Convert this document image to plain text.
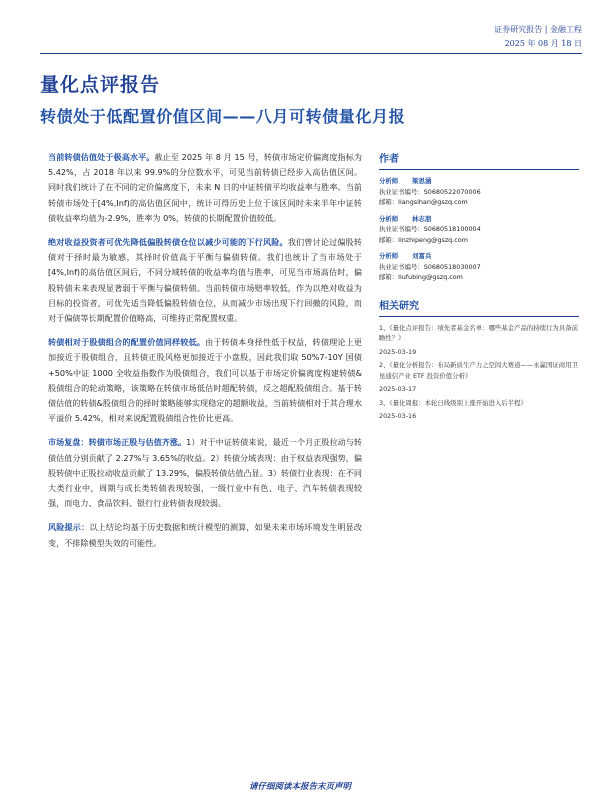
证券研究报告 | 金融工程
2025 年 08 月 18 日
量化点评报告
转债处于低配置价值区间——八月可转债量化月报

当前转债估值处于极高水平。截止至 2025 年 8 月 15 号，转债市场定价偏离度指标为 5.42%，占 2018 年以来 99.9%的分位数水平，可见当前转债已经步入高估值区间。同时我们统计了在不同的定价偏离度下，未来 N 日的中证转债平均收益率与胜率。当前转债市场处于[4%,Inf)的高估值区间中，统计可得历史上位于该区间时未来半年中证转债收益率均值为-2.9%，胜率为 0%，转债的长期配置价值较低。

绝对收益投资者可优先降低偏股转债仓位以减少可能的下行风险。我们曾讨论过偏股转债对于择时最为敏感，其择时价值高于平衡与偏债转债。我们也统计了当市场处于[4%,Inf)的高估值区间后，不同分域转债的收益率均值与胜率，可见当市场高估时，偏股转债未来表现显著弱于平衡与偏债转债。当前转债市场赔率较低，作为以绝对收益为目标的投资者，可优先适当降低偏股转债仓位，从而减少市场出现下行回撤的风险，而对于偏债等长期配置价值略高，可维持正常配置权重。

转债相对于股债组合的配置价值同样较低。由于转债本身择性低于权益，转债理论上更加接近于股债组合，且转债正股风格更加接近于小盘股，因此我们取 50%7-10Y 国债+50%中证 1000 全收益指数作为股债组合，我们可以基于市场定价偏离度构建转债&股债组合的轮动策略，该策略在转债市场低估时超配转债，反之超配股债组合。基于转债估值的转债&股债组合的择时策略能够实现稳定的超额收益，当前转债相对于其合理水平溢价 5.42%，相对来说配置股债组合性价比更高。

市场复盘：转债市场正股与估值齐涨。1）对于中证转债来说，最近一个月正股拉动与转债估值分别贡献了 2.27%与 3.65%的收益。2）转债分域表现：由于权益表现强势，偏股转债中正股拉动收益贡献了 13.29%，偏股转债估值凸显。3）转债行业表现：在不同大类行业中，周期与成长类转债表现较强，一级行业中有色、电子、汽车转债表现较强，而电力、食品饮料、银行行业转债表现较弱。

风险提示：以上结论均基于历史数据和统计模型的测算，如果未来市场环境发生明显改变，不排除模型失效的可能性。

作者
分析师 梁思涵
执业证书编号：S0680522070006
邮箱：liangsihan@gszq.com
分析师 林志朋
执业证书编号：S0680518100004
邮箱：linzhipeng@gszq.com
分析师 刘富兵
执业证书编号：S0680518030007
邮箱：liufubing@gszq.com
相关研究
1、《量化点评报告：绩先者基金名单：哪些基金产品的持续行为具备前瞻性？》
2025-03-19
2、《量化分析报告：布局新质生产力之空间大赛道——永赢国证商用卫星通信产业 ETF 投资价值分析》
2025-03-17
3、《量化周报：本轮日线级别上涨开始进入后半程》
2025-03-16
请仔细阅读本报告末页声明
